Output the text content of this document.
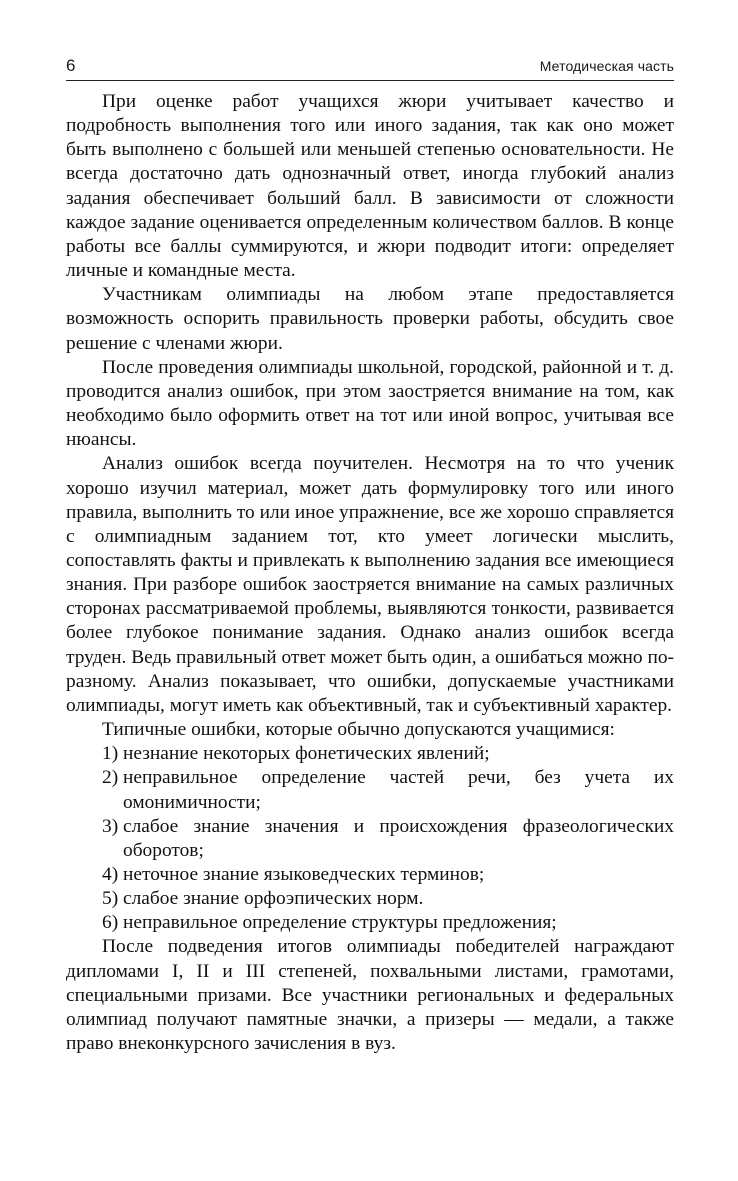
6	Методическая часть

При оценке работ учащихся жюри учитывает качество и подробность выполнения того или иного задания, так как оно может быть выполнено с большей или меньшей степенью основательности. Не всегда достаточно дать однозначный ответ, иногда глубокий анализ задания обеспечивает больший балл. В зависимости от сложности каждое задание оценивается определенным количеством баллов. В конце работы все баллы суммируются, и жюри подводит итоги: определяет личные и командные места.

Участникам олимпиады на любом этапе предоставляется возможность оспорить правильность проверки работы, обсудить свое решение с членами жюри.

После проведения олимпиады школьной, городской, районной и т. д. проводится анализ ошибок, при этом заостряется внимание на том, как необходимо было оформить ответ на тот или иной вопрос, учитывая все нюансы.

Анализ ошибок всегда поучителен. Несмотря на то что ученик хорошо изучил материал, может дать формулировку того или иного правила, выполнить то или иное упражнение, все же хорошо справляется с олимпиадным заданием тот, кто умеет логически мыслить, сопоставлять факты и привлекать к выполнению задания все имеющиеся знания. При разборе ошибок заостряется внимание на самых различных сторонах рассматриваемой проблемы, выявляются тонкости, развивается более глубокое понимание задания. Однако анализ ошибок всегда труден. Ведь правильный ответ может быть один, а ошибаться можно по-разному. Анализ показывает, что ошибки, допускаемые участниками олимпиады, могут иметь как объективный, так и субъективный характер.

Типичные ошибки, которые обычно допускаются учащимися:

1) незнание некоторых фонетических явлений;
2) неправильное определение частей речи, без учета их омонимичности;
3) слабое знание значения и происхождения фразеологических оборотов;
4) неточное знание языковедческих терминов;
5) слабое знание орфоэпических норм.
6) неправильное определение структуры предложения;

После подведения итогов олимпиады победителей награждают дипломами I, II и III степеней, похвальными листами, грамотами, специальными призами. Все участники региональных и федеральных олимпиад получают памятные значки, а призеры — медали, а также право внеконкурсного зачисления в вуз.
